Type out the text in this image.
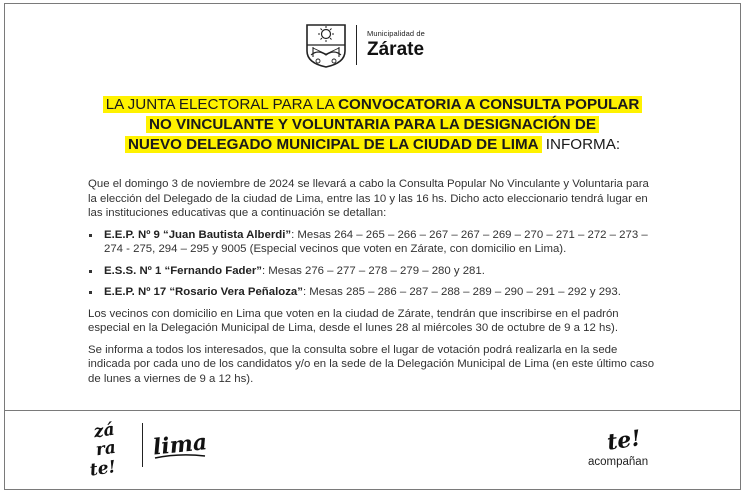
Municipalidad de
Zárate
LA JUNTA ELECTORAL PARA LA CONVOCATORIA A CONSULTA POPULAR
NO VINCULANTE Y VOLUNTARIA PARA LA DESIGNACIÓN DE
NUEVO DELEGADO MUNICIPAL DE LA CIUDAD DE LIMA INFORMA:

Que el domingo 3 de noviembre de 2024 se llevará a cabo la Consulta Popular No Vinculante y Voluntaria para la elección del Delegado de la ciudad de Lima, entre las 10 y las 16 hs. Dicho acto eleccionario tendrá lugar en las instituciones educativas que a continuación se detallan:

E.E.P. Nº 9 “Juan Bautista Alberdi”: Mesas 264 – 265 – 266 – 267 – 267 – 269 – 270 – 271 – 272 – 273 – 274 - 275, 294 – 295 y 9005 (Especial vecinos que voten en Zárate, con domicilio en Lima).
E.S.S. Nº 1 “Fernando Fader”: Mesas 276 – 277 – 278 – 279 – 280 y 281.
E.E.P. Nº 17 “Rosario Vera Peñaloza”: Mesas 285 – 286 – 287 – 288 – 289 – 290 – 291 – 292 y 293.

Los vecinos con domicilio en Lima que voten en la ciudad de Zárate, tendrán que inscribirse en el padrón especial en la Delegación Municipal de Lima, desde el lunes 28 al miércoles 30 de octubre de 9 a 12 hs).

Se informa a todos los interesados, que la consulta sobre el lugar de votación podrá realizarla en la sede indicada por cada uno de los candidatos y/o en la sede de la Delegación Municipal de Lima (en este último caso de lunes a viernes de 9 a 12 hs).

zá
ra
te!
lima	te!
acompañan
